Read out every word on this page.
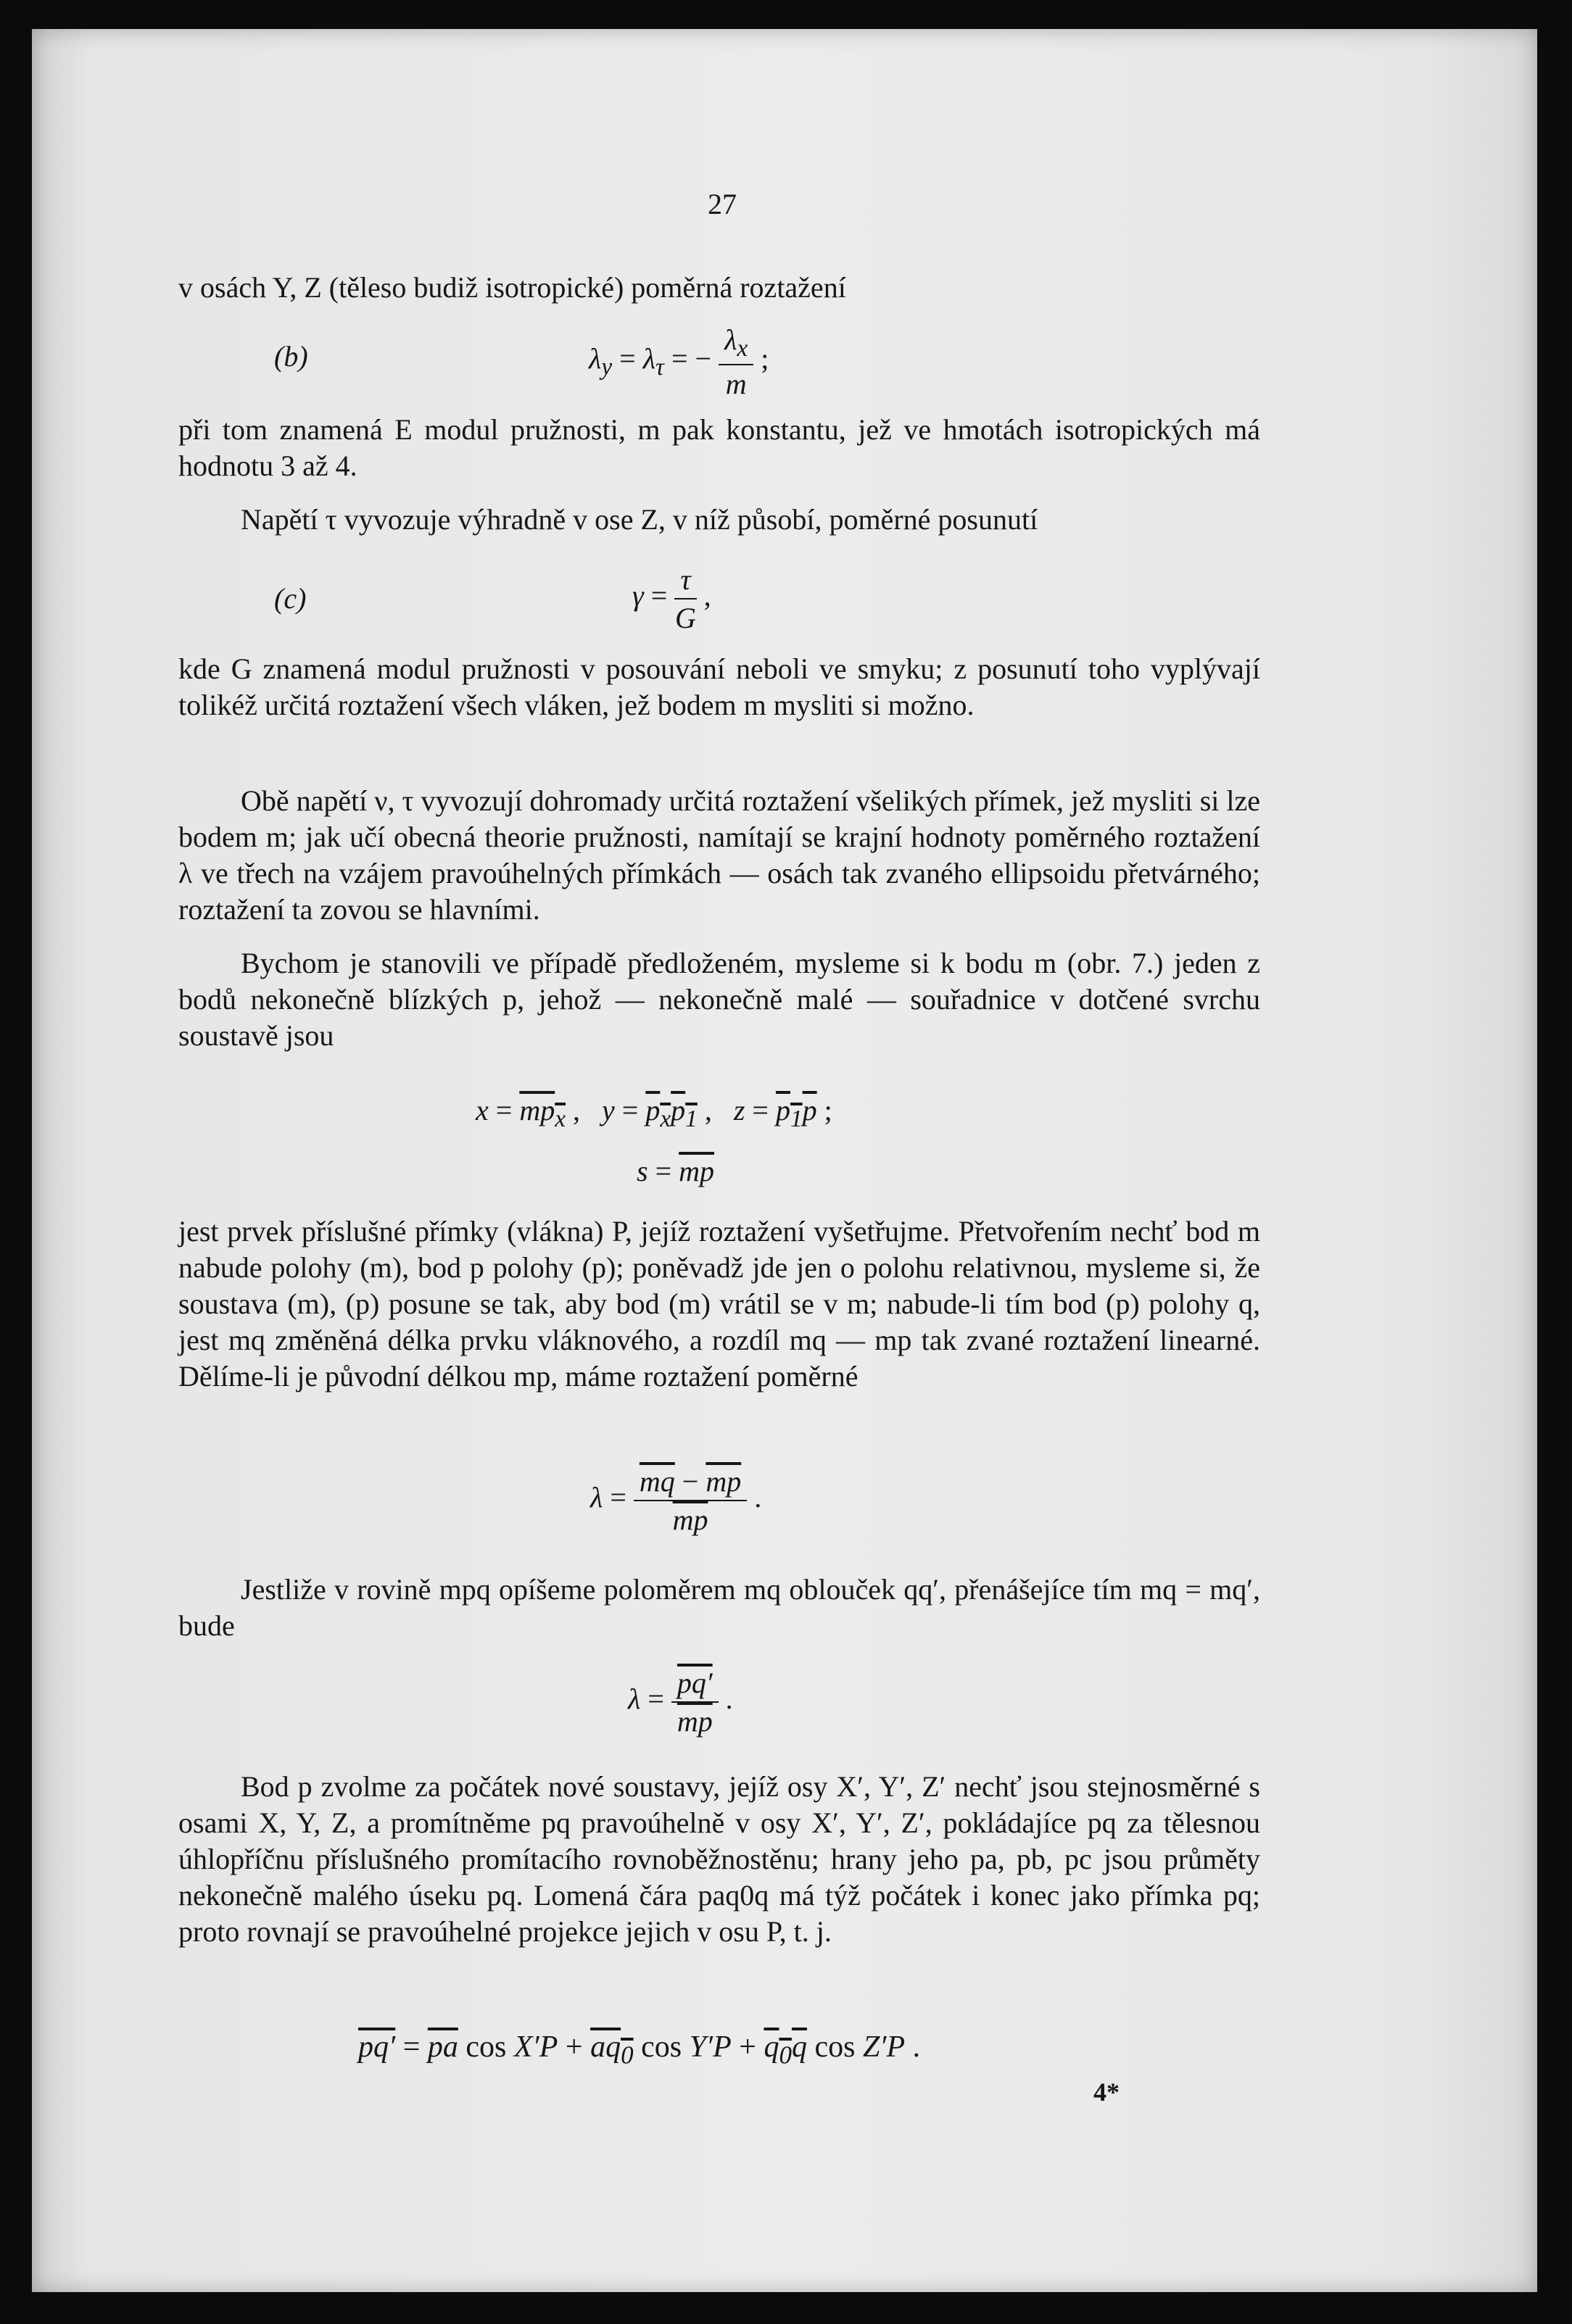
27
v osách Y, Z (těleso budiž isotropické) poměrná roztažení
(b)	$\lambda_y = \lambda_\tau$ = − $\frac{\lambda_x}{m}$ ;
při tom znamená E modul pružnosti, m pak konstantu, jež ve hmotách isotropických má hodnotu 3 až 4.
Napětí τ vyvozuje výhradně v ose Z, v níž působí, poměrné posunutí
(c)	$\gamma = \frac{\tau}{G}$ ,
kde G znamená modul pružnosti v posouvání neboli ve smyku; z posunutí toho vyplývají tolikéž určitá roztažení všech vláken, jež bodem m mysliti si možno.
Obě napětí ν, τ vyvozují dohromady určitá roztažení všelikých přímek, jež mysliti si lze bodem m; jak učí obecná theorie pružnosti, namítají se krajní hodnoty poměrného roztažení λ ve třech na vzájem pravoúhelných přímkách — osách tak zvaného ellipsoidu přetvárného; roztažení ta zovou se hlavními.
Bychom je stanovili ve případě předloženém, mysleme si k bodu m (obr. 7.) jeden z bodů nekonečně blízkých p, jehož — nekonečně malé — souřadnice v dotčené svrchu soustavě jsou
$x = mp_x$ ,   $y = p_xp_1$ ,   $z = p_1p$ ;
$s = \overline{mp}$
jest prvek příslušné přímky (vlákna) P, jejíž roztažení vyšetřujme. Přetvořením nechť bod m nabude polohy (m), bod p polohy (p); poněvadž jde jen o polohu relativnou, mysleme si, že soustava (m), (p) posune se tak, aby bod (m) vrátil se v m; nabude-li tím bod (p) polohy q, jest mq změněná délka prvku vláknového, a rozdíl mq — mp tak zvané roztažení linearné. Dělíme-li je původní délkou mp, máme roztažení poměrné
$\lambda = \frac{\overline{mq} - \overline{mp}}{mp}$ .
Jestliže v rovině mpq opíšeme poloměrem mq oblouček qq′, přenášejíce tím mq = mq′, bude
$\lambda = \frac{pq'}{mp}$ .
Bod p zvolme za počátek nové soustavy, jejíž osy X′, Y′, Z′ nechť jsou stejnosměrné s osami X, Y, Z, a promítněme pq pravoúhelně v osy X′, Y′, Z′, pokládajíce pq za tělesnou úhlopříčnu příslušného promítacího rovnoběžnostěnu; hrany jeho pa, pb, pc jsou průměty nekonečně malého úseku pq. Lomená čára paq0q má týž počátek i konec jako přímka pq; proto rovnají se pravoúhelné projekce jejich v osu P, t. j.
$pq' = \overline{pa}$ $\cos X'P + aq_0$ $\cos Y'P + q_0q$ cos Z′P .
4*
